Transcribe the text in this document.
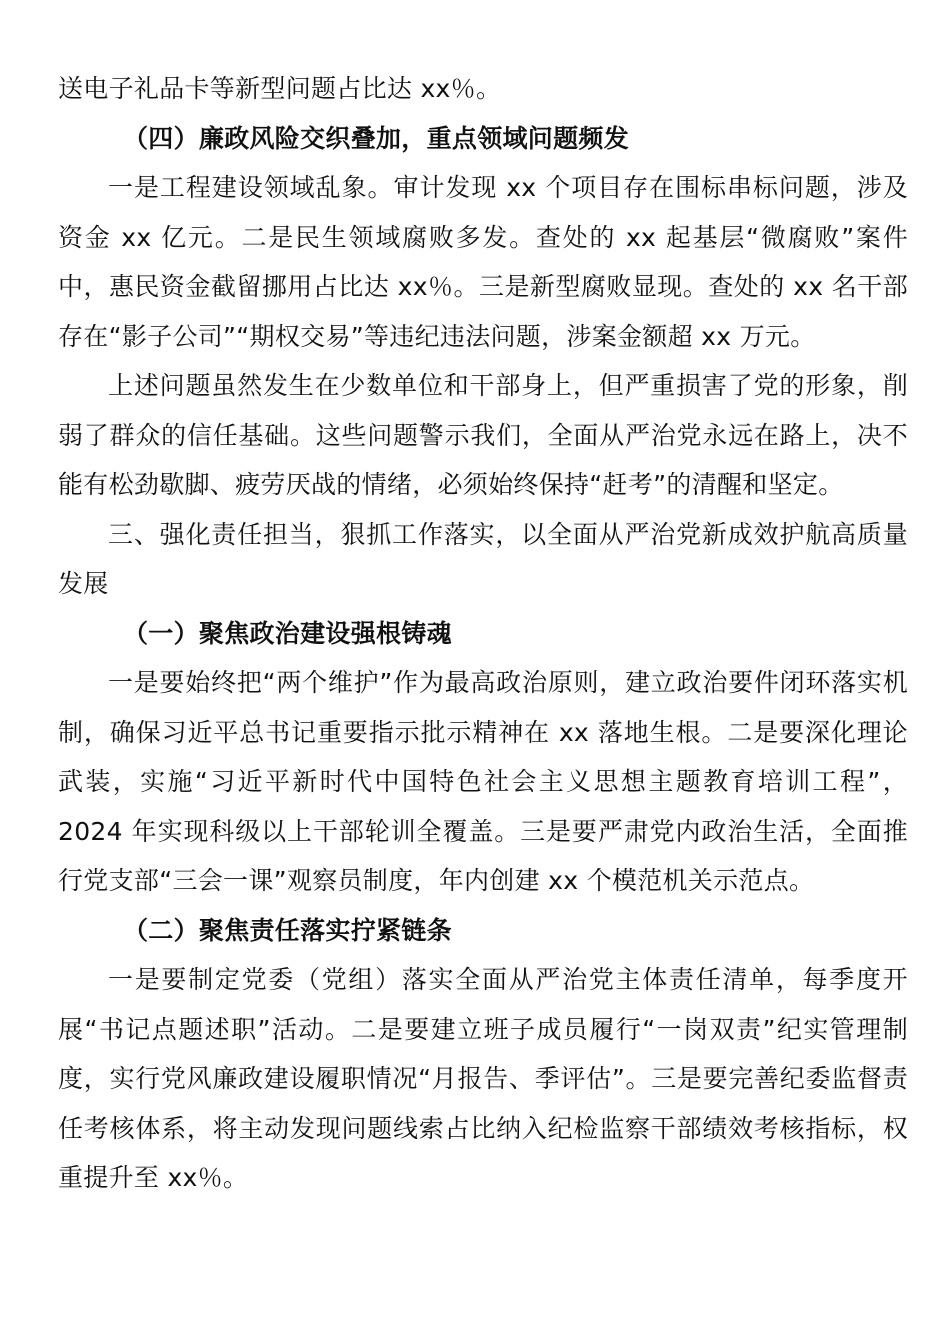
送电子礼品卡等新型问题占比达 xx％。

（四）廉政风险交织叠加，重点领域问题频发

一是工程建设领域乱象。审计发现 xx 个项目存在围标串标问题，涉及资金 xx 亿元。二是民生领域腐败多发。查处的 xx 起基层“微腐败”案件中，惠民资金截留挪用占比达 xx％。三是新型腐败显现。查处的 xx 名干部存在“影子公司”“期权交易”等违纪违法问题，涉案金额超 xx 万元。

上述问题虽然发生在少数单位和干部身上，但严重损害了党的形象，削弱了群众的信任基础。这些问题警示我们，全面从严治党永远在路上，决不能有松劲歇脚、疲劳厌战的情绪，必须始终保持“赶考”的清醒和坚定。

三、强化责任担当，狠抓工作落实，以全面从严治党新成效护航高质量发展

（一）聚焦政治建设强根铸魂

一是要始终把“两个维护”作为最高政治原则，建立政治要件闭环落实机制，确保习近平总书记重要指示批示精神在 xx 落地生根。二是要深化理论武装，实施“习近平新时代中国特色社会主义思想主题教育培训工程”，2024 年实现科级以上干部轮训全覆盖。三是要严肃党内政治生活，全面推行党支部“三会一课”观察员制度，年内创建 xx 个模范机关示范点。

（二）聚焦责任落实拧紧链条

一是要制定党委（党组）落实全面从严治党主体责任清单，每季度开展“书记点题述职”活动。二是要建立班子成员履行“一岗双责”纪实管理制度，实行党风廉政建设履职情况“月报告、季评估”。三是要完善纪委监督责任考核体系，将主动发现问题线索占比纳入纪检监察干部绩效考核指标，权重提升至 xx％。
